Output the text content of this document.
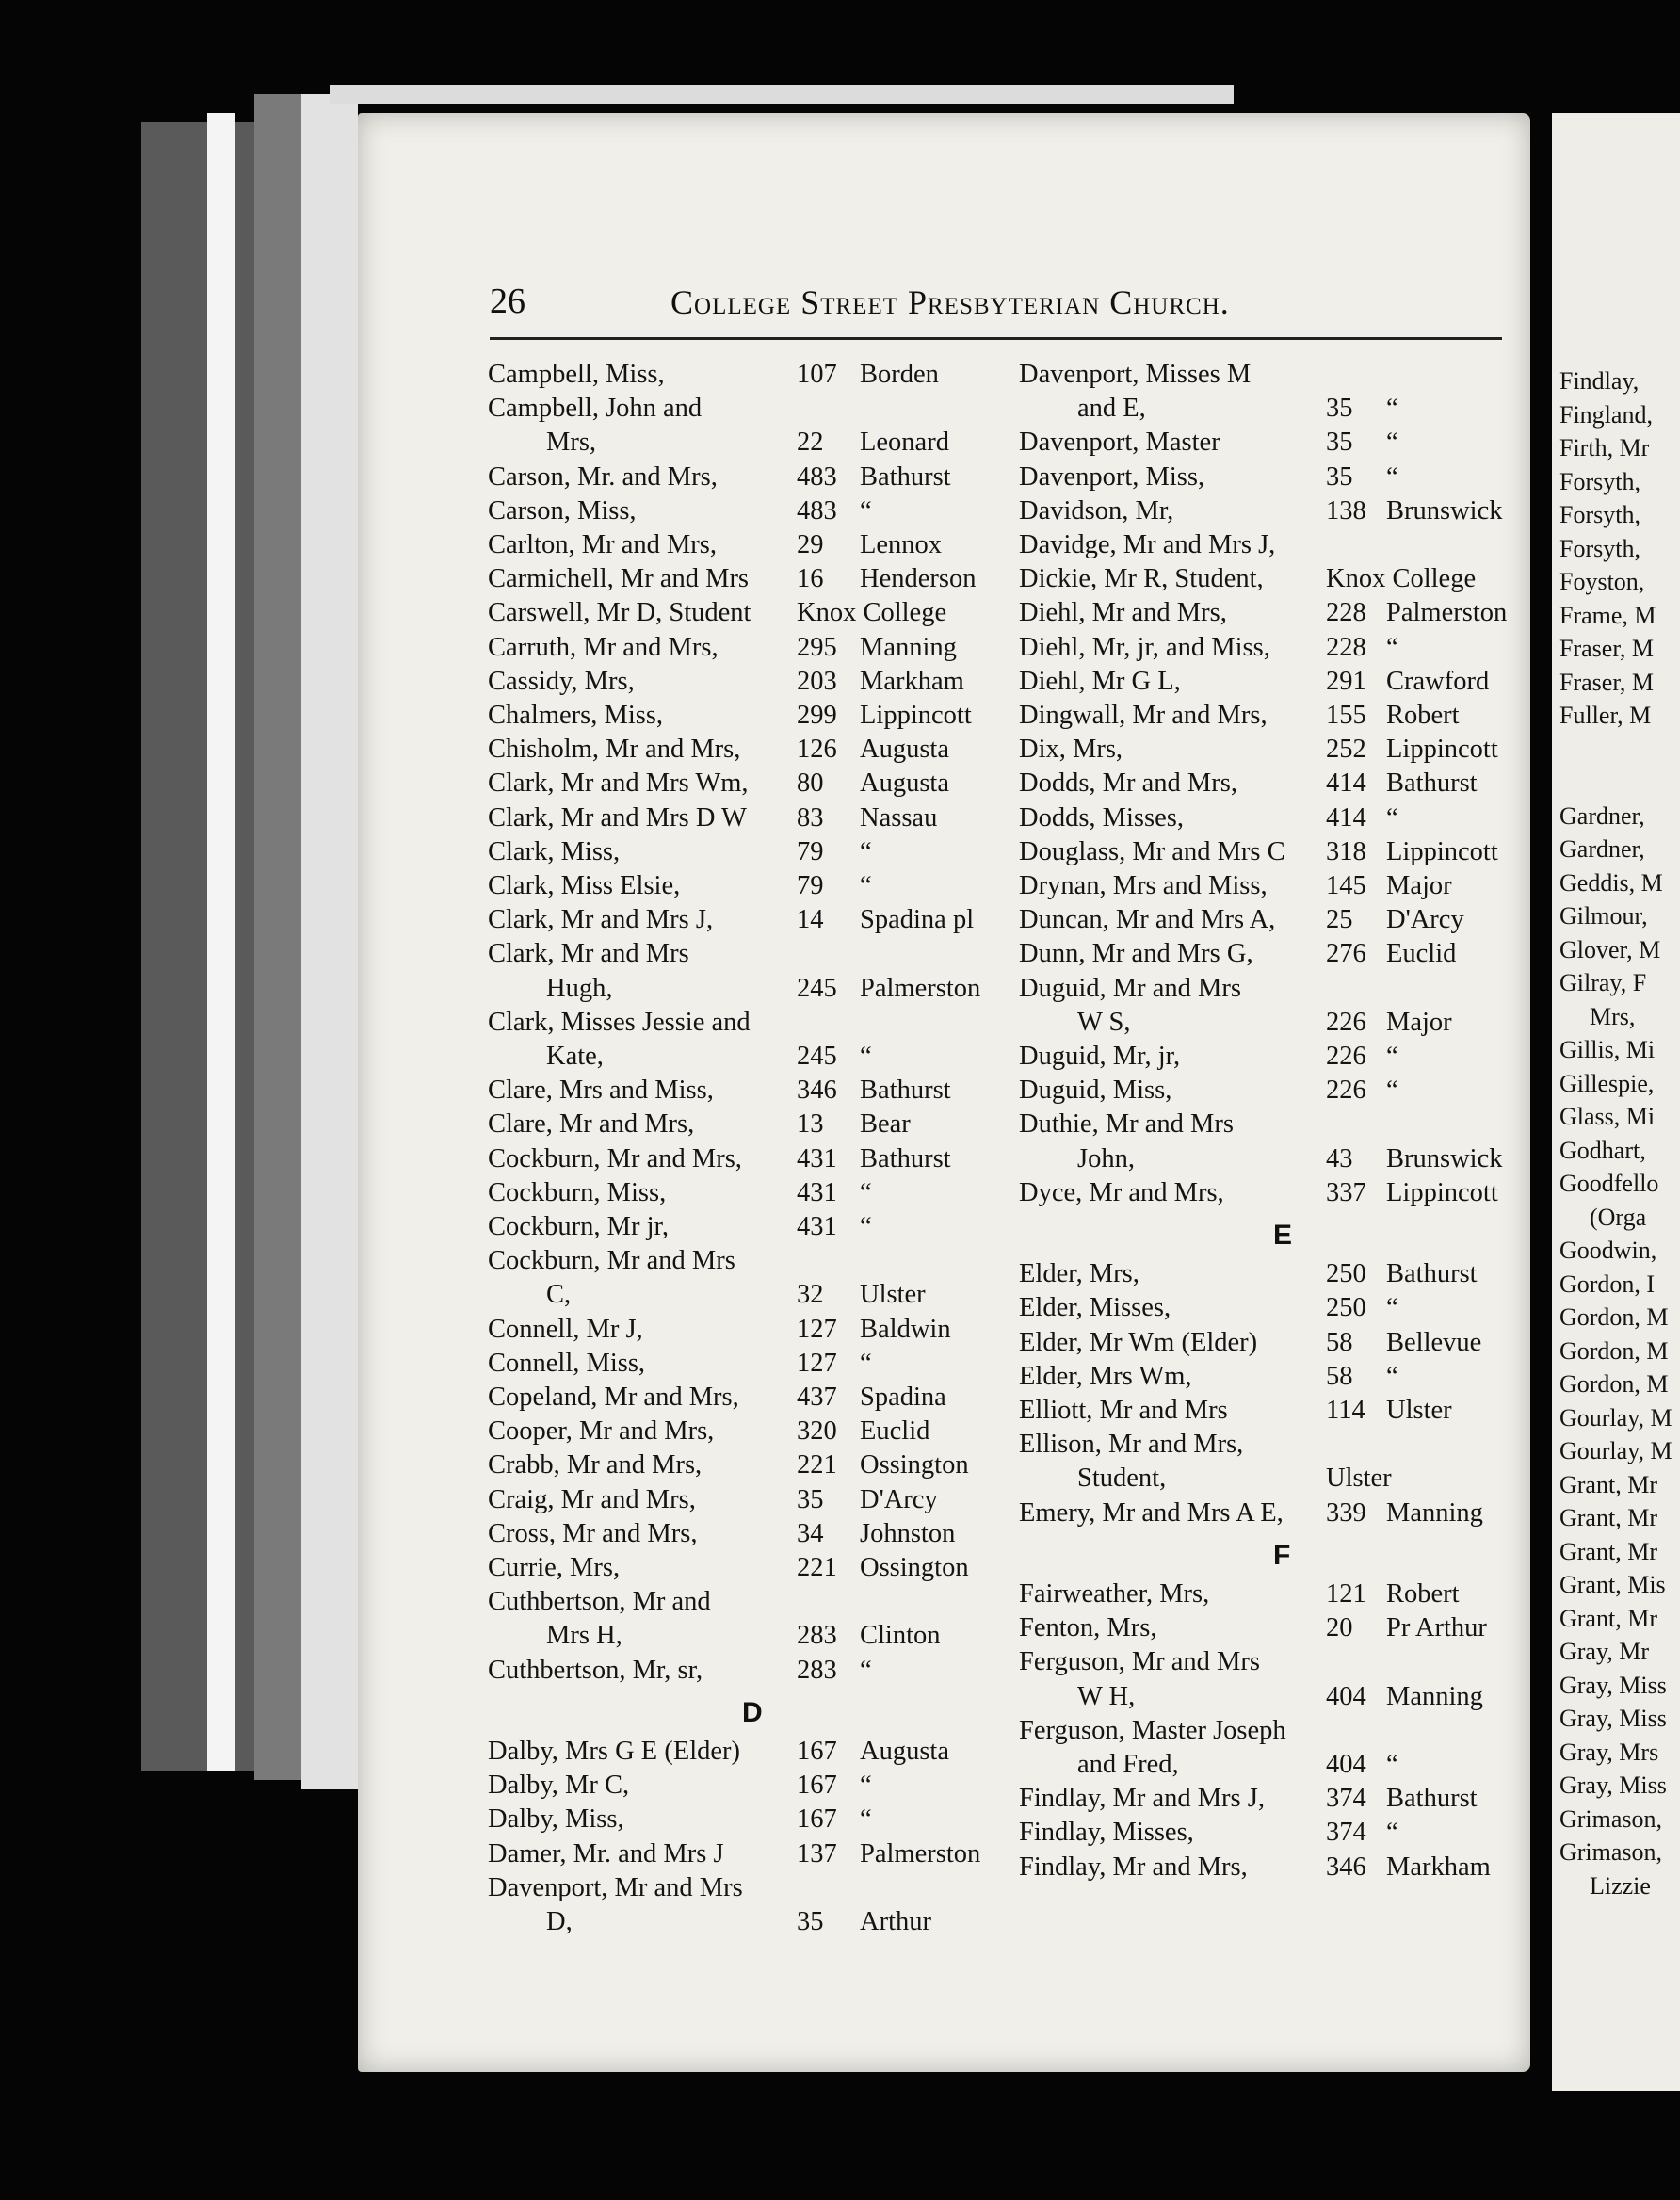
Findlay,
Fingland,
Firth, Mr
Forsyth,
Forsyth,
Forsyth,
Foyston,
Frame, M
Fraser, M
Fraser, M
Fuller, M
Gardner,
Gardner,
Geddis, M
Gilmour,
Glover, M
Gilray, F
Mrs,
Gillis, Mi
Gillespie,
Glass, Mi
Godhart,
Goodfello
(Orga
Goodwin,
Gordon, I
Gordon, M
Gordon, M
Gordon, M
Gourlay, M
Gourlay, M
Grant, Mr
Grant, Mr
Grant, Mr
Grant, Mis
Grant, Mr
Gray, Mr
Gray, Miss
Gray, Miss
Gray, Mrs
Gray, Miss
Grimason,
Grimason,
Lizzie
26	College Street Presbyterian Church.
Campbell, Miss,	107 Borden
Campbell, John and
Mrs,	22 Leonard
Carson, Mr. and Mrs,	483 Bathurst
Carson, Miss,	483 “
Carlton, Mr and Mrs,	29 Lennox
Carmichell, Mr and Mrs 16 Henderson
Carswell, Mr D, Student Knox College
Carruth, Mr and Mrs,	295 Manning
Cassidy, Mrs,	203 Markham
Chalmers, Miss,	299 Lippincott
Chisholm, Mr and Mrs, 126 Augusta
Clark, Mr and Mrs Wm, 80 Augusta
Clark, Mr and Mrs D W 83 Nassau
Clark, Miss,	79 “
Clark, Miss Elsie,	79 “
Clark, Mr and Mrs J,	14 Spadina pl
Clark, Mr and Mrs
Hugh,	245 Palmerston
Clark, Misses Jessie and
Kate,	245 “
Clare, Mrs and Miss,	346 Bathurst
Clare, Mr and Mrs,	13 Bear
Cockburn, Mr and Mrs, 431 Bathurst
Cockburn, Miss,	431 “
Cockburn, Mr jr,	431 “
Cockburn, Mr and Mrs
C,	32 Ulster
Connell, Mr J,	127 Baldwin
Connell, Miss,	127 “
Copeland, Mr and Mrs, 437 Spadina
Cooper, Mr and Mrs,	320 Euclid
Crabb, Mr and Mrs,	221 Ossington
Craig, Mr and Mrs,	35 D'Arcy
Cross, Mr and Mrs,	34 Johnston
Currie, Mrs,	221 Ossington
Cuthbertson, Mr and
Mrs H,	283 Clinton
Cuthbertson, Mr, sr,	283 “
D
Dalby, Mrs G E (Elder) 167 Augusta
Dalby, Mr C,	167 “
Dalby, Miss,	167 “
Damer, Mr. and Mrs J	137 Palmerston
Davenport, Mr and Mrs
D,	35 Arthur
Davenport, Misses M
and E,	35 “
Davenport, Master	35 “
Davenport, Miss,	35 “
Davidson, Mr,	138 Brunswick
Davidge, Mr and Mrs J,
Dickie, Mr R, Student, Knox College
Diehl, Mr and Mrs,	228 Palmerston
Diehl, Mr, jr, and Miss, 228 “
Diehl, Mr G L,	291 Crawford
Dingwall, Mr and Mrs, 155 Robert
Dix, Mrs,	252 Lippincott
Dodds, Mr and Mrs,	414 Bathurst
Dodds, Misses,	414 “
Douglass, Mr and Mrs C 318 Lippincott
Drynan, Mrs and Miss, 145 Major
Duncan, Mr and Mrs A, 25 D'Arcy
Dunn, Mr and Mrs G,	276 Euclid
Duguid, Mr and Mrs
W S,	226 Major
Duguid, Mr, jr,	226 “
Duguid, Miss,	226 “
Duthie, Mr and Mrs
John,	43 Brunswick
Dyce, Mr and Mrs,	337 Lippincott
E
Elder, Mrs,	250 Bathurst
Elder, Misses,	250 “
Elder, Mr Wm (Elder)	58 Bellevue
Elder, Mrs Wm,	58 “
Elliott, Mr and Mrs	114 Ulster
Ellison, Mr and Mrs,
Student,	Ulster
Emery, Mr and Mrs A E, 339 Manning
F
Fairweather, Mrs,	121 Robert
Fenton, Mrs,	20 Pr Arthur
Ferguson, Mr and Mrs
W H,	404 Manning
Ferguson, Master Joseph
and Fred,	404 “
Findlay, Mr and Mrs J, 374 Bathurst
Findlay, Misses,	374 “
Findlay, Mr and Mrs,	346 Markham
